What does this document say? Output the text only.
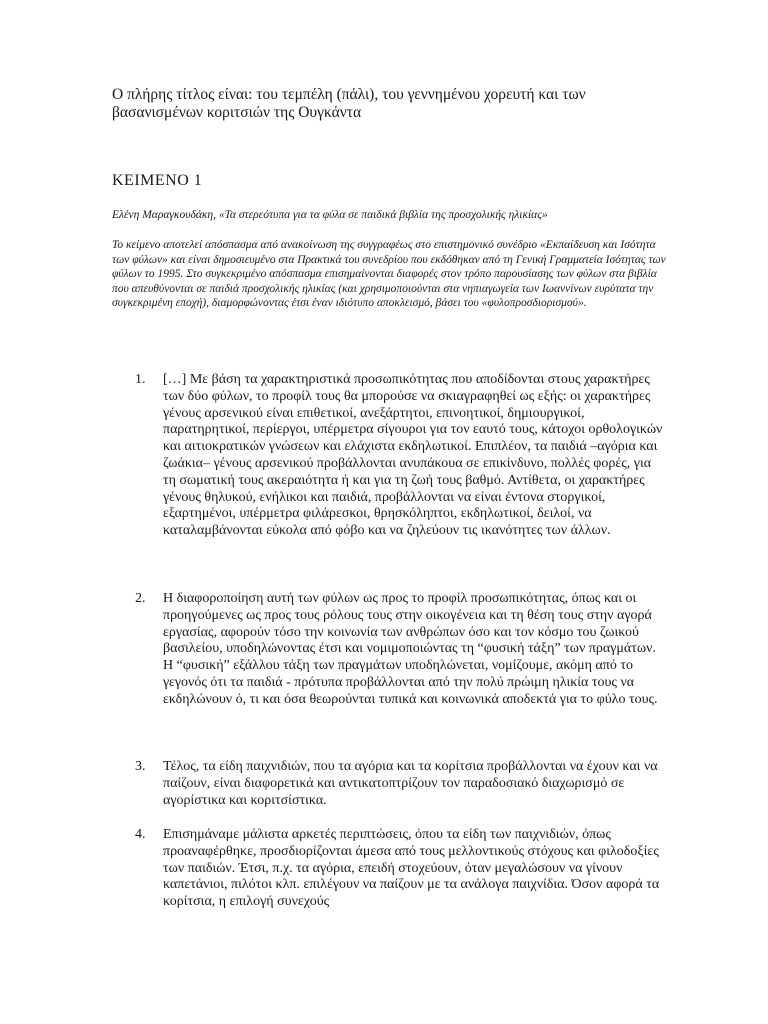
Ο πλήρης τίτλος είναι: του τεμπέλη (πάλι), του γεννημένου χορευτή και των βασανισμένων κοριτσιών της Ουγκάντα
ΚΕΙΜΕΝΟ 1

Ελένη Μαραγκουδάκη, «Τα στερεότυπα για τα φύλα σε παιδικά βιβλία της προσχολικής ηλικίας»

Το κείμενο αποτελεί απόσπασμα από ανακοίνωση της συγγραφέως στο επιστημονικό συνέδριο «Εκπαίδευση και Ισότητα των φύλων» και είναι δημοσιευμένο στα Πρακτικά του συνεδρίου που εκδόθηκαν από τη Γενική Γραμματεία Ισότητας των φύλων το 1995. Στο συγκεκριμένο απόσπασμα επισημαίνονται διαφορές στον τρόπο παρουσίασης των φύλων στα βιβλία που απευθύνονται σε παιδιά προσχολικής ηλικίας (και χρησιμοποιούνται στα νηπιαγωγεία των Ιωαννίνων ευρύτατα την συγκεκριμένη εποχή), διαμορφώνοντας έτσι έναν ιδιότυπο αποκλεισμό, βάσει του «φυλοπροσδιορισμού».

1. […] Με βάση τα χαρακτηριστικά προσωπικότητας που αποδίδονται στους χαρακτήρες των δύο φύλων, το προφίλ τους θα μπορούσε να σκιαγραφηθεί ως εξής: οι χαρακτήρες γένους αρσενικού είναι επιθετικοί, ανεξάρτητοι, επινοητικοί, δημιουργικοί, παρατηρητικοί, περίεργοι, υπέρμετρα σίγουροι για τον εαυτό τους, κάτοχοι ορθολογικών και αιτιοκρατικών γνώσεων και ελάχιστα εκδηλωτικοί. Επιπλέον, τα παιδιά –αγόρια και ζωάκια– γένους αρσενικού προβάλλονται ανυπάκουα σε επικίνδυνο, πολλές φορές, για τη σωματική τους ακεραιότητα ή και για τη ζωή τους βαθμό. Αντίθετα, οι χαρακτήρες γένους θηλυκού, ενήλικοι και παιδιά, προβάλλονται να είναι έντονα στοργικοί, εξαρτημένοι, υπέρμετρα φιλάρεσκοι, θρησκόληπτοι, εκδηλωτικοί, δειλοί, να καταλαμβάνονται εύκολα από φόβο και να ζηλεύουν τις ικανότητες των άλλων.

2. Η διαφοροποίηση αυτή των φύλων ως προς το προφίλ προσωπικότητας, όπως και οι προηγούμενες ως προς τους ρόλους τους στην οικογένεια και τη θέση τους στην αγορά εργασίας, αφορούν τόσο την κοινωνία των ανθρώπων όσο και τον κόσμο του ζωικού βασιλείου, υποδηλώνοντας έτσι και νομιμοποιώντας τη “φυσική τάξη” των πραγμάτων. Η “φυσική” εξάλλου τάξη των πραγμάτων υποδηλώνεται, νομίζουμε, ακόμη από το γεγονός ότι τα παιδιά - πρότυπα προβάλλονται από την πολύ πρώιμη ηλικία τους να εκδηλώνουν ό, τι και όσα θεωρούνται τυπικά και κοινωνικά αποδεκτά για το φύλο τους.

3. Τέλος, τα είδη παιχνιδιών, που τα αγόρια και τα κορίτσια προβάλλονται να έχουν και να παίζουν, είναι διαφορετικά και αντικατοπτρίζουν τον παραδοσιακό διαχωρισμό σε αγορίστικα και κοριτσίστικα.

4. Επισημάναμε μάλιστα αρκετές περιπτώσεις, όπου τα είδη των παιχνιδιών, όπως προαναφέρθηκε, προσδιορίζονται άμεσα από τους μελλοντικούς στόχους και φιλοδοξίες των παιδιών. Έτσι, π.χ. τα αγόρια, επειδή στοχεύουν, όταν μεγαλώσουν να γίνουν καπετάνιοι, πιλότοι κλπ. επιλέγουν να παίζουν με τα ανάλογα παιχνίδια. Όσον αφορά τα κορίτσια, η επιλογή συνεχούς
